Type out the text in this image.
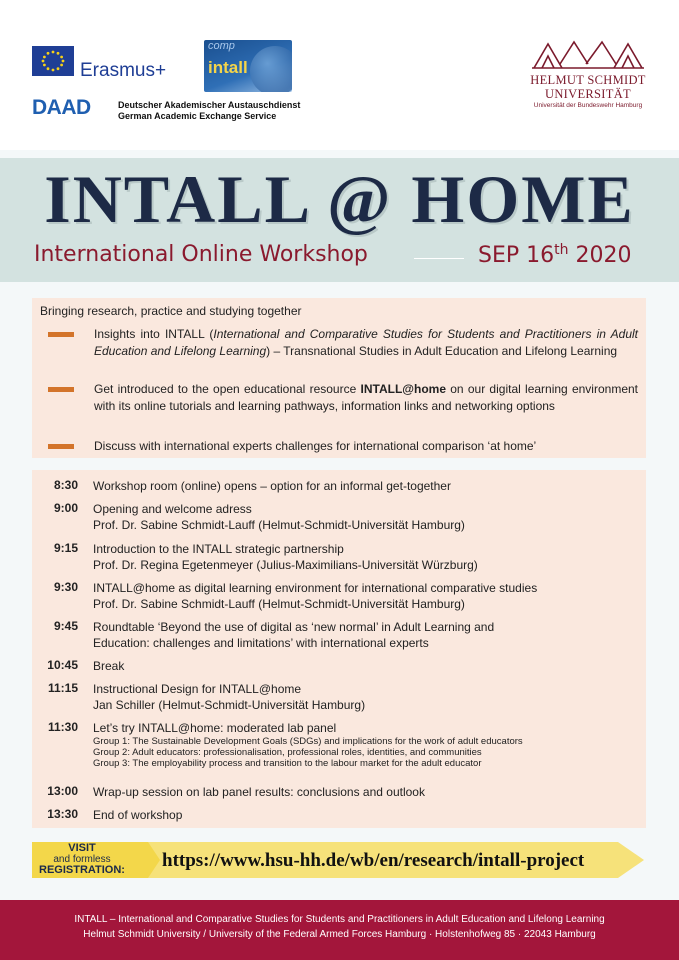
Erasmus+
comp
intall
DAAD	Deutscher Akademischer Austauschdienst
German Academic Exchange Service
HELMUT SCHMIDT
UNIVERSITÄT
Universität der Bundeswehr Hamburg
INTALL @ HOME
International Online Workshop	SEP 16th 2020
Bringing research, practice and studying together
Insights into INTALL (International and Comparative Studies for Students and Practitioners in Adult Education and Lifelong Learning) – Transnational Studies in Adult Education and Lifelong Learning
Get introduced to the open educational resource INTALL@home on our digital learning environment with its online tutorials and learning pathways, information links and networking options
Discuss with international experts challenges for international comparison ‘at home’
8:30 Workshop room (online) opens – option for an informal get-together
9:00 Opening and welcome adress
Prof. Dr. Sabine Schmidt-Lauff (Helmut-Schmidt-Universität Hamburg)
9:15 Introduction to the INTALL strategic partnership
Prof. Dr. Regina Egetenmeyer (Julius-Maximilians-Universität Würzburg)
9:30 INTALL@home as digital learning environment for international comparative studies
Prof. Dr. Sabine Schmidt-Lauff (Helmut-Schmidt-Universität Hamburg)
9:45 Roundtable ‘Beyond the use of digital as ‘new normal’ in Adult Learning and
Education: challenges and limitations’ with international experts
10:45 Break
11:15 Instructional Design for INTALL@home
Jan Schiller (Helmut-Schmidt-Universität Hamburg)
11:30 Let’s try INTALL@home: moderated lab panel
Group 1: The Sustainable Development Goals (SDGs) and implications for the work of adult educators
Group 2: Adult educators: professionalisation, professional roles, identities, and communities
Group 3: The employability process and transition to the labour market for the adult educator
13:00 Wrap-up session on lab panel results: conclusions and outlook
13:30 End of workshop
VISIT
and formless
REGISTRATION: https://www.hsu-hh.de/wb/en/research/intall-project
INTALL – International and Comparative Studies for Students and Practitioners in Adult Education and Lifelong Learning
Helmut Schmidt University / University of the Federal Armed Forces Hamburg · Holstenhofweg 85 · 22043 Hamburg
